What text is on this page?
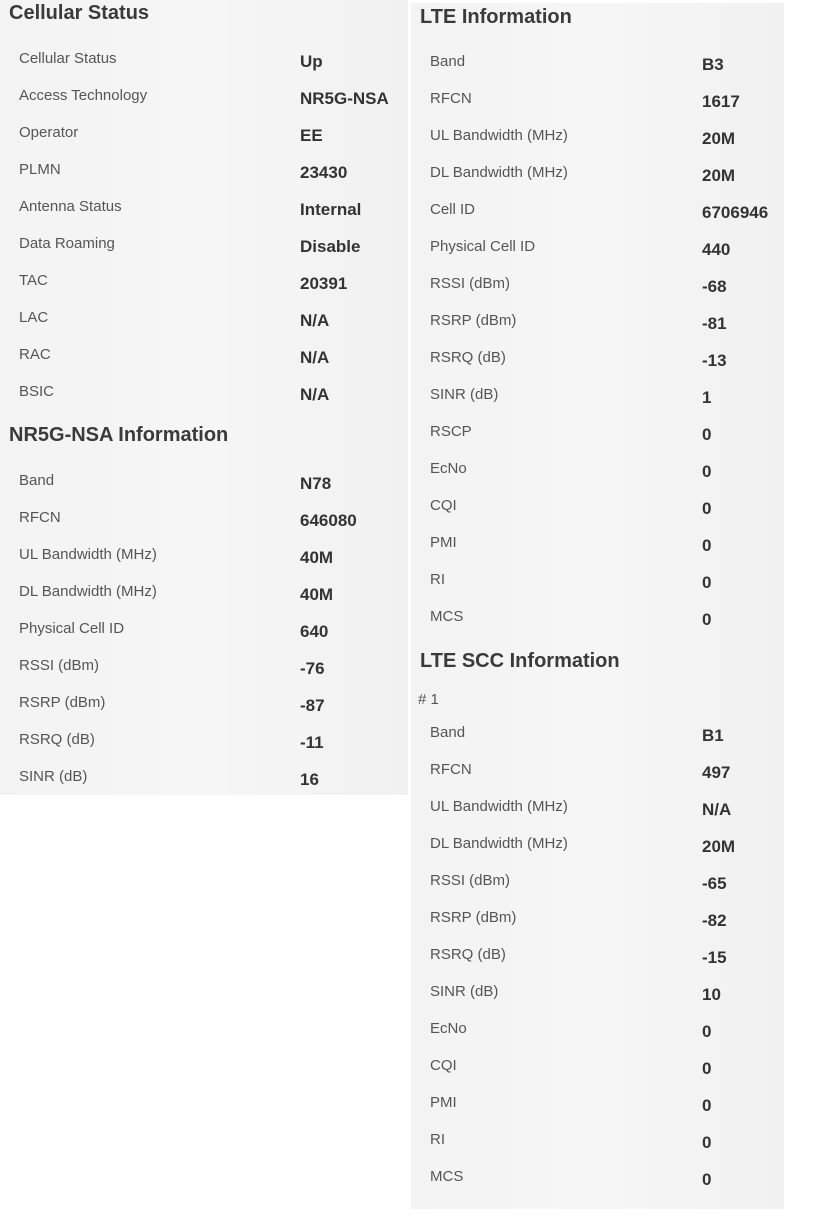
Cellular Status
NR5G-NSA Information
Cellular Status	Up
Access Technology	NR5G-NSA
Operator	EE
PLMN	23430
Antenna Status	Internal
Data Roaming	Disable
TAC	20391
LAC	N/A
RAC	N/A
BSIC	N/A
Band	N78
RFCN	646080
UL Bandwidth (MHz)	40M
DL Bandwidth (MHz)	40M
Physical Cell ID	640
RSSI (dBm)	-76
RSRP (dBm)	-87
RSRQ (dB)	-11
SINR (dB)	16
LTE Information
LTE SCC Information
# 1
Band	B3
RFCN	1617
UL Bandwidth (MHz)	20M
DL Bandwidth (MHz)	20M
Cell ID	6706946
Physical Cell ID	440
RSSI (dBm)	-68
RSRP (dBm)	-81
RSRQ (dB)	-13
SINR (dB)	1
RSCP	0
EcNo	0
CQI	0
PMI	0
RI	0
MCS	0
Band	B1
RFCN	497
UL Bandwidth (MHz)	N/A
DL Bandwidth (MHz)	20M
RSSI (dBm)	-65
RSRP (dBm)	-82
RSRQ (dB)	-15
SINR (dB)	10
EcNo	0
CQI	0
PMI	0
RI	0
MCS	0
